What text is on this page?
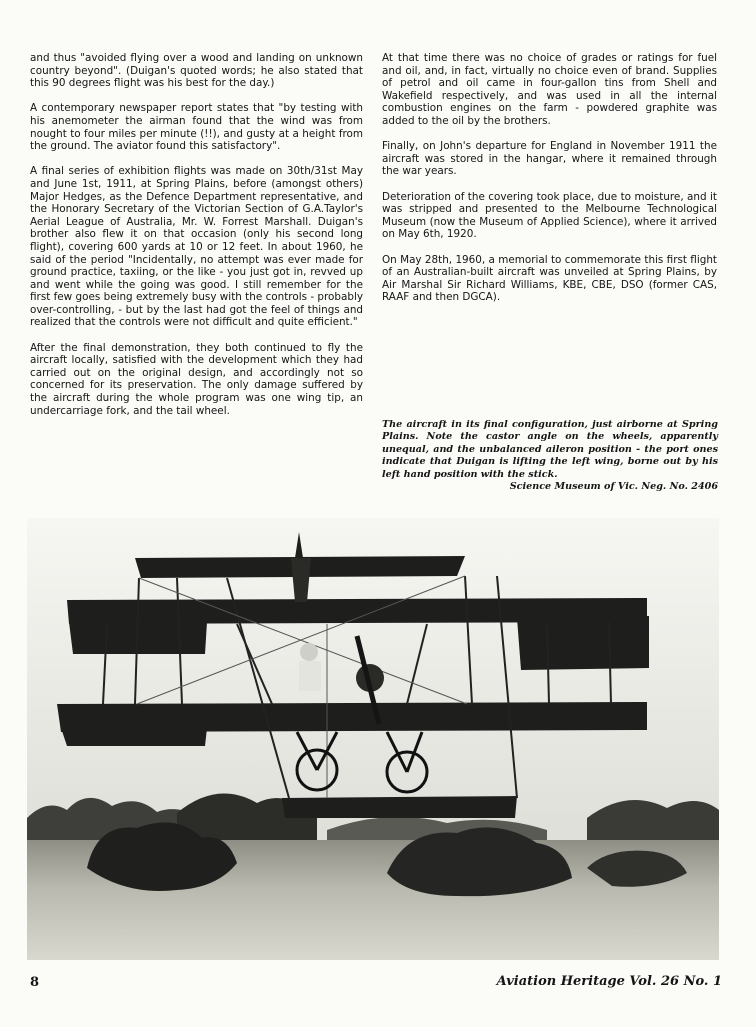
and thus "avoided flying over a wood and landing on unknown country beyond". (Duigan's quoted words; he also stated that this 90 degrees flight was his best for the day.)

A contemporary newspaper report states that "by testing with his anemometer the airman found that the wind was from nought to four miles per minute (!!), and gusty at a height from the ground. The aviator found this satisfactory".

A final series of exhibition flights was made on 30th/31st May and June 1st, 1911, at Spring Plains, before (amongst others) Major Hedges, as the Defence Department representative, and the Honorary Secretary of the Victorian Section of G.A.Taylor's Aerial League of Australia, Mr. W. Forrest Marshall. Duigan's brother also flew it on that occasion (only his second long flight), covering 600 yards at 10 or 12 feet. In about 1960, he said of the period "Incidentally, no attempt was ever made for ground practice, taxiing, or the like - you just got in, revved up and went while the going was good. I still remember for the first few goes being extremely busy with the controls - probably over-controlling, - but by the last had got the feel of things and realized that the controls were not difficult and quite efficient."

After the final demonstration, they both continued to fly the aircraft locally, satisfied with the development which they had carried out on the original design, and accordingly not so concerned for its preservation. The only damage suffered by the aircraft during the whole program was one wing tip, an undercarriage fork, and the tail wheel.

At that time there was no choice of grades or ratings for fuel and oil, and, in fact, virtually no choice even of brand. Supplies of petrol and oil came in four-gallon tins from Shell and Wakefield respectively, and was used in all the internal combustion engines on the farm - powdered graphite was added to the oil by the brothers.

Finally, on John's departure for England in November 1911 the aircraft was stored in the hangar, where it remained through the war years.

Deterioration of the covering took place, due to moisture, and it was stripped and presented to the Melbourne Technological Museum (now the Museum of Applied Science), where it arrived on May 6th, 1920.

On May 28th, 1960, a memorial to commemorate this first flight of an Australian-built aircraft was unveiled at Spring Plains, by Air Marshal Sir Richard Williams, KBE, CBE, DSO (former CAS, RAAF and then DGCA).

The aircraft in its final configuration, just airborne at Spring Plains. Note the castor angle on the wheels, apparently unequal, and the unbalanced aileron position - the port ones indicate that Duigan is lifting the left wing, borne out by his left hand position with the stick.
Science Museum of Vic. Neg. No. 2406
8	Aviation Heritage Vol. 26 No. 1
